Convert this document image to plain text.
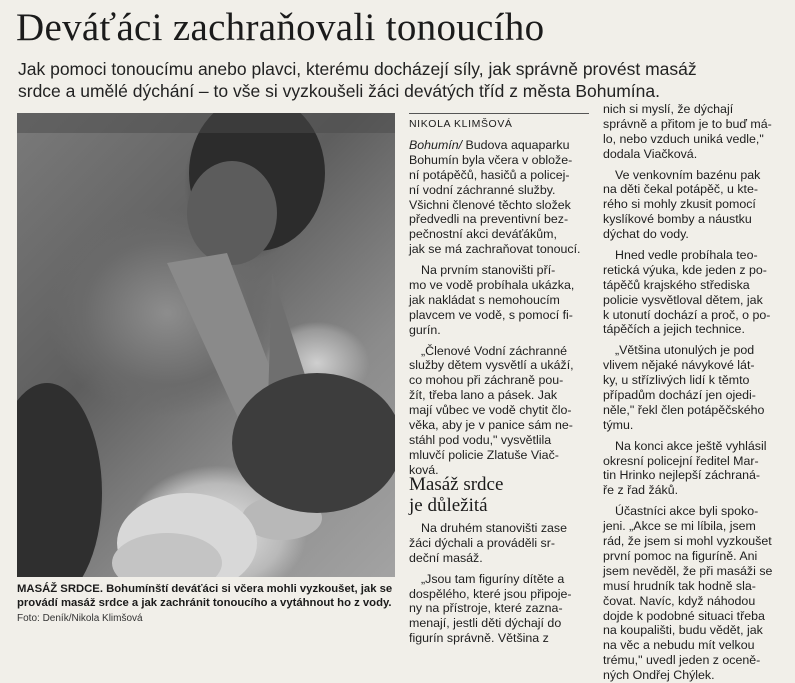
Deváťáci zachraňovali tonoucího

Jak pomoci tonoucímu anebo plavci, kterému docházejí síly, jak správně provést masáž
srdce a umělé dýchání – to vše si vyzkoušeli žáci devátých tříd z města Bohumína.

MASÁŽ SRDCE. Bohumínští deváťáci si včera mohli vyzkoušet, jak se
provádí masáž srdce a jak zachránit tonoucího a vytáhnout ho z vody.

Foto: Deník/Nikola Klimšová
NIKOLA KLIMŠOVÁ
Bohumín/ Budova aquaparku
Bohumín byla včera v oblože-
ní potápěčů, hasičů a policej-
ní vodní záchranné služby.
Všichni členové těchto složek
předvedli na preventivní bez-
pečnostní akci deváťákům,
jak se má zachraňovat tonoucí.
Na prvním stanovišti pří-
mo ve vodě probíhala ukázka,
jak nakládat s nemohoucím
plavcem ve vodě, s pomocí fi-
gurín.
„Členové Vodní záchranné
služby dětem vysvětlí a ukáží,
co mohou při záchraně pou-
žít, třeba lano a pásek. Jak
mají vůbec ve vodě chytit člo-
věka, aby je v panice sám ne-
stáhl pod vodu," vysvětlila
mluvčí policie Zlatuše Viač-
ková.
Masáž srdce
je důležitá
Na druhém stanovišti zase
žáci dýchali a prováděli sr-
deční masáž.
„Jsou tam figuríny dítěte a
dospělého, které jsou připoje-
ny na přístroje, které zazna-
menají, jestli děti dýchají do
figurín správně. Většina z
nich si myslí, že dýchají
správně a přitom je to buď má-
lo, nebo vzduch uniká vedle,"
dodala Viačková.
Ve venkovním bazénu pak
na děti čekal potápěč, u kte-
rého si mohly zkusit pomocí
kyslíkové bomby a náustku
dýchat do vody.
Hned vedle probíhala teo-
retická výuka, kde jeden z po-
tápěčů krajského střediska
policie vysvětloval dětem, jak
k utonutí dochází a proč, o po-
tápěčích a jejich technice.
„Většina utonulých je pod
vlivem nějaké návykové lát-
ky, u střízlivých lidí k těmto
případům dochází jen ojedi-
něle," řekl člen potápěčského
týmu.
Na konci akce ještě vyhlásil
okresní policejní ředitel Mar-
tin Hrinko nejlepší záchraná-
ře z řad žáků.
Účastníci akce byli spoko-
jeni. „Akce se mi líbila, jsem
rád, že jsem si mohl vyzkoušet
první pomoc na figuríně. Ani
jsem nevěděl, že při masáži se
musí hrudník tak hodně sla-
čovat. Navíc, když náhodou
dojde k podobné situaci třeba
na koupališti, budu vědět, jak
na věc a nebudu mít velkou
trému," uvedl jeden z oceně-
ných Ondřej Chýlek.
